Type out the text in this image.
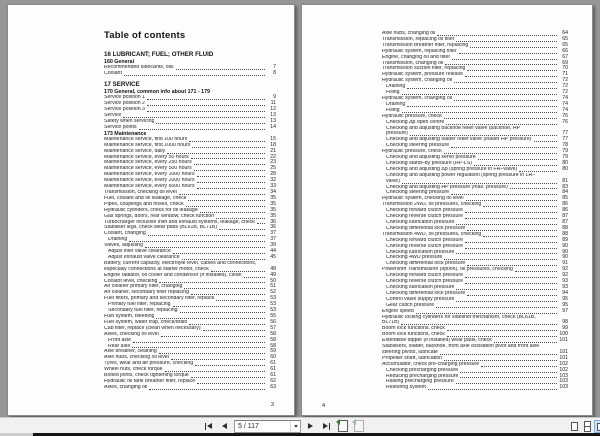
Table of contents
16 LUBRICANT; FUEL; OTHER FLUID
160 General
Recommended lubricants, oils	7
Coolant	8
17 SERVICE
170 General, common info about 171 - 179
Service position 1	9
Service position 2	11
Service position 3	12
Service	13
Safety when servicing	13
Service points	14
173 Maintenance
Maintenance service, first 100 hours	15
Maintenance service, first 1000 hours	18
Maintenance service, daily	21
Maintenance service, every 50 hours	22
Maintenance service, every 250 hours	23
Maintenance service, every 500 hours	25
Maintenance service, every 1000 hours	28
Maintenance service, every 2000 hours	32
Maintenance service, every 6000 hours	33
Transmission, checking oil level	34
Fuel, coolant and oil leakage, check	35
Pipes, couplings and hoses, check	35
Hydraulic cylinders, check for oil leakage	35
Gas springs, doors, rear window, check function	35
Turbocharger inclusive inlet and exhaust systems, leakage, check	36
Stabiliser legs, check wear pads (BL61B, BL71B)	36
Coolant, changing	37
Draining	37
Valves, adjusting	39
Adjust inlet valve clearance	44
Adjust exhaust valve clearance	45
Battery, current capacity, electrolyte level, cables and connections,
especially connections at starter motor, check	48
Engine radiator, oil cooler and condensor (if installed), clean	49
Coolant level, checking	50
Air cleaner primary filter, changing	51
Air cleaner, secondary filter replacing	52
Fuel filters, primary and secondary filter, replace	53
Primary fuel filter, replacing	53
Secondary fuel filter, replacing	53
Fuel system, bleeding	55
Fuel system, water trap, check/drain	56
Cab filter, replace (clean when necessary)	57
Axles, checking oil level	58
Front axle	58
Rear axle	58
Axle breather, cleaning	59
Axle hubs, checking oil level	60
Tyres, wear and air pressure, checking	61
Wheel nuts, check torque	61
Bolted joints, check tightening torque	61
Hydraulic oil tank breather filter, replace	62
Axles, changing oil	63
3
Axle hubs, changing oil	64
Transmission, replacing oil filter	65
Transmission breather filter, replacing	65
Hydraulic system, replacing filter	66
Engine, changing oil and filter	67
Transmission, changing oil	69
Transmission suction filter, replacing	70
Hydraulic system, pressure release	71
Hydraulic system, changing oil	72
Draining	72
Filling	72
Hydraulic system, changing oil	74
Draining	74
Filling	74
Hydraulic pressure, check	76
Checking Δp open centre	76
Checking and adjusting backhoe relief valve (backhoe, HP
pressure)	77
Checking and adjusting loader relief valve (loader HP pressure)	77
Checking steering pressure	78
Hydraulic pressure, check	79
Checking and adjusting servo pressure	79
Checking stand–by pressure (HP-LS)	80
Checking and adjusting Δp (spring pressure in FR–valve)	80
Checking and adjusting power regulation (spring pressure in LR–
valve)	81
Checking and adjusting HP pressure (max. pressure)	83
Checking steering pressure	84
Hydraulic system, checking oil level	85
Transmission 2WD, oil pressures, checking	86
Checking forward clutch pressure	86
Checking reverse clutch pressure	87
Checking lubrication pressure	87
Checking differential lock pressure	88
Transmission 4WD, oil pressures, checking	88
Checking forward clutch pressure	89
Checking reverse clutch pressure	90
Checking lubrication pressure	90
Checking 4WD pressure	90
Checking differential lock pressure	91
Powershift Transmission (option), oil pressures, checking	92
Checking forward clutch pressure	92
Checking reverse clutch pressure	93
Checking lubrication pressure	93
Checking differential lock pressure	94
Control valve supply pressure	95
Gear clutch pressure	95
Engine speed	97
Hydraulic locking cylinders for sideshift mechanism, check (BL61B,
BL71B)	98
Boom lock functions, check	99
Boom lock functions, check	100
Extendible dipper (if installed) wear pads, check	101
Stabilisers, loader, backhoe, front axle oscillation pivot and front axle
steering pivots, lubricate	101
Propeller shaft, lubrication	101
Accumulator, check pre-charging pressure	102
Checking precharging pressure	102
Reducing precharging pressure	103
Raising precharging pressure	103
Restoring system	103
4
5 / 117
